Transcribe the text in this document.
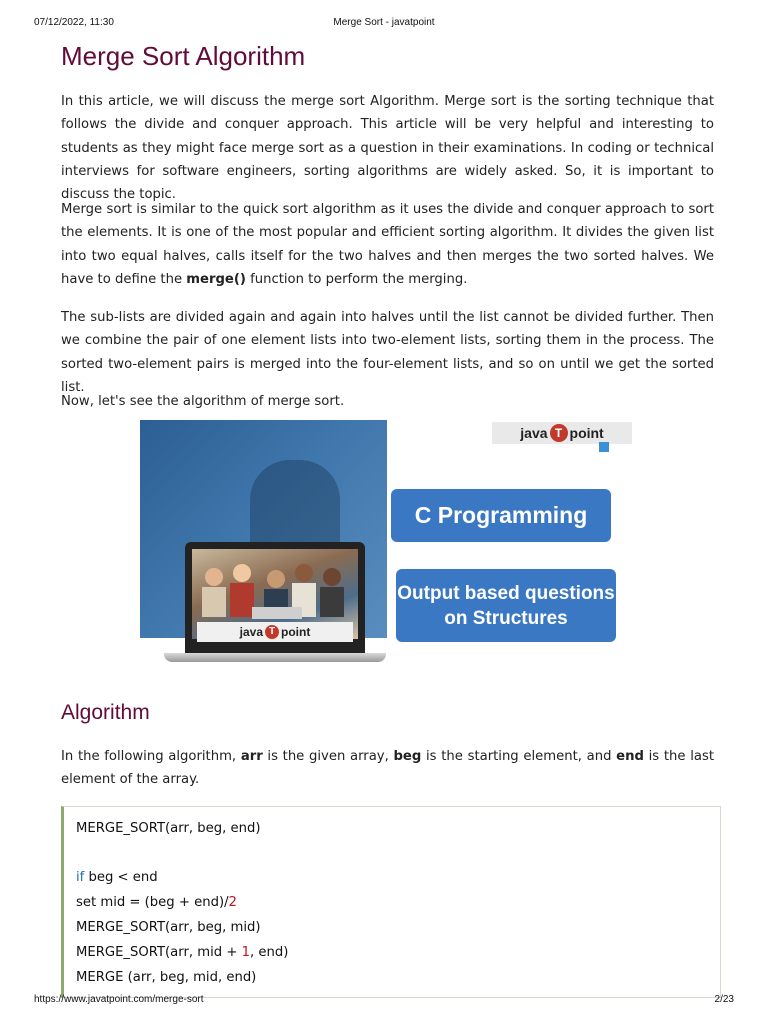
07/12/2022, 11:30	Merge Sort - javatpoint
Merge Sort Algorithm

In this article, we will discuss the merge sort Algorithm. Merge sort is the sorting technique that follows the divide and conquer approach. This article will be very helpful and interesting to students as they might face merge sort as a question in their examinations. In coding or technical interviews for software engineers, sorting algorithms are widely asked. So, it is important to discuss the topic.

Merge sort is similar to the quick sort algorithm as it uses the divide and conquer approach to sort the elements. It is one of the most popular and efficient sorting algorithm. It divides the given list into two equal halves, calls itself for the two halves and then merges the two sorted halves. We have to define the merge() function to perform the merging.

The sub-lists are divided again and again into halves until the list cannot be divided further. Then we combine the pair of one element lists into two-element lists, sorting them in the process. The sorted two-element pairs is merged into the four-element lists, and so on until we get the sorted list.

Now, let's see the algorithm of merge sort.

java T point
C Programming
Output based questions on Structures
java T point
Algorithm

In the following algorithm, arr is the given array, beg is the starting element, and end is the last element of the array.

MERGE_SORT(arr, beg, end)
if beg < end
set mid = (beg + end)/2
MERGE_SORT(arr, beg, mid)
MERGE_SORT(arr, mid + 1, end)
MERGE (arr, beg, mid, end)
https://www.javatpoint.com/merge-sort	2/23
